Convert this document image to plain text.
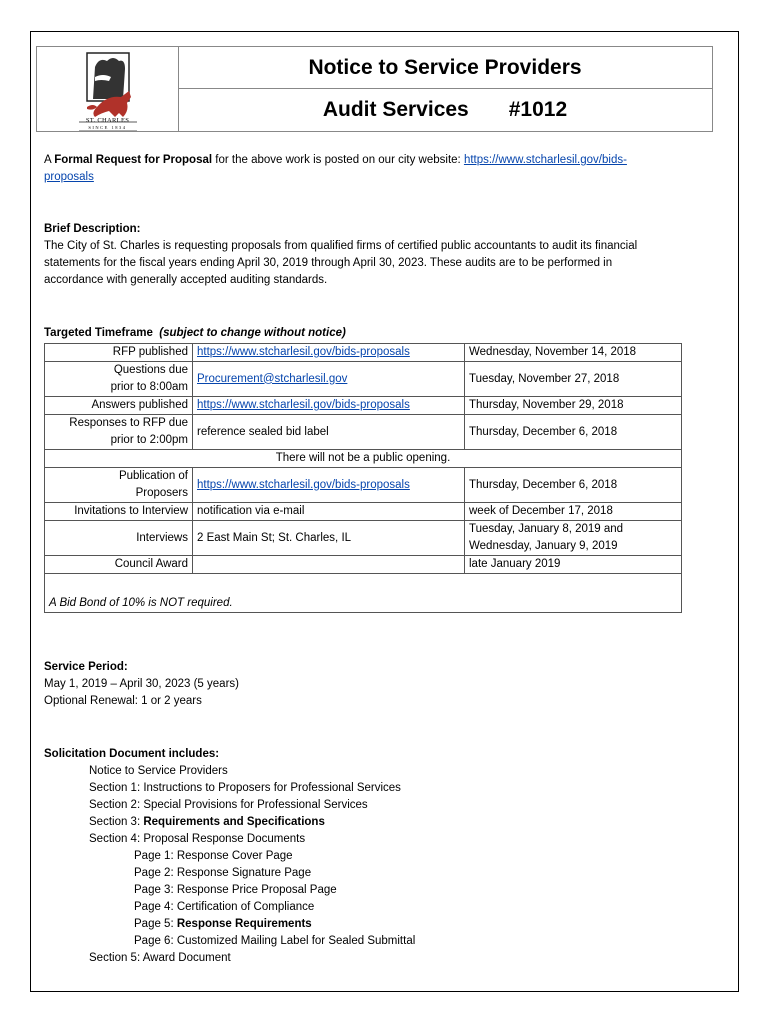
ST. CHARLES
SINCE 1834
Notice to Service Providers
Audit Services #1012
A Formal Request for Proposal for the above work is posted on our city website: https://www.stcharlesil.gov/bids-
proposals
Brief Description:
The City of St. Charles is requesting proposals from qualified firms of certified public accountants to audit its financial
statements for the fiscal years ending April 30, 2019 through April 30, 2023. These audits are to be performed in
accordance with generally accepted auditing standards.
Targeted Timeframe (subject to change without notice)
RFP published	https://www.stcharlesil.gov/bids-proposals	Wednesday, November 14, 2018
Questions due
prior to 8:00am	Procurement@stcharlesil.gov	Tuesday, November 27, 2018
Answers published	https://www.stcharlesil.gov/bids-proposals	Thursday, November 29, 2018
Responses to RFP due
prior to 2:00pm	reference sealed bid label	Thursday, December 6, 2018
There will not be a public opening.		
Publication of
Proposers	https://www.stcharlesil.gov/bids-proposals	Thursday, December 6, 2018
Invitations to Interview	notification via e-mail	week of December 17, 2018
Interviews	2 East Main St; St. Charles, IL	Tuesday, January 8, 2019 and
Wednesday, January 9, 2019
Council Award		late January 2019
A Bid Bond of 10% is NOT required.		
Service Period:
May 1, 2019 – April 30, 2023 (5 years)
Optional Renewal: 1 or 2 years
Solicitation Document includes:
Notice to Service Providers
Section 1: Instructions to Proposers for Professional Services
Section 2: Special Provisions for Professional Services
Section 3: Requirements and Specifications
Section 4: Proposal Response Documents
Page 1: Response Cover Page
Page 2: Response Signature Page
Page 3: Response Price Proposal Page
Page 4: Certification of Compliance
Page 5: Response Requirements
Page 6: Customized Mailing Label for Sealed Submittal
Section 5: Award Document
